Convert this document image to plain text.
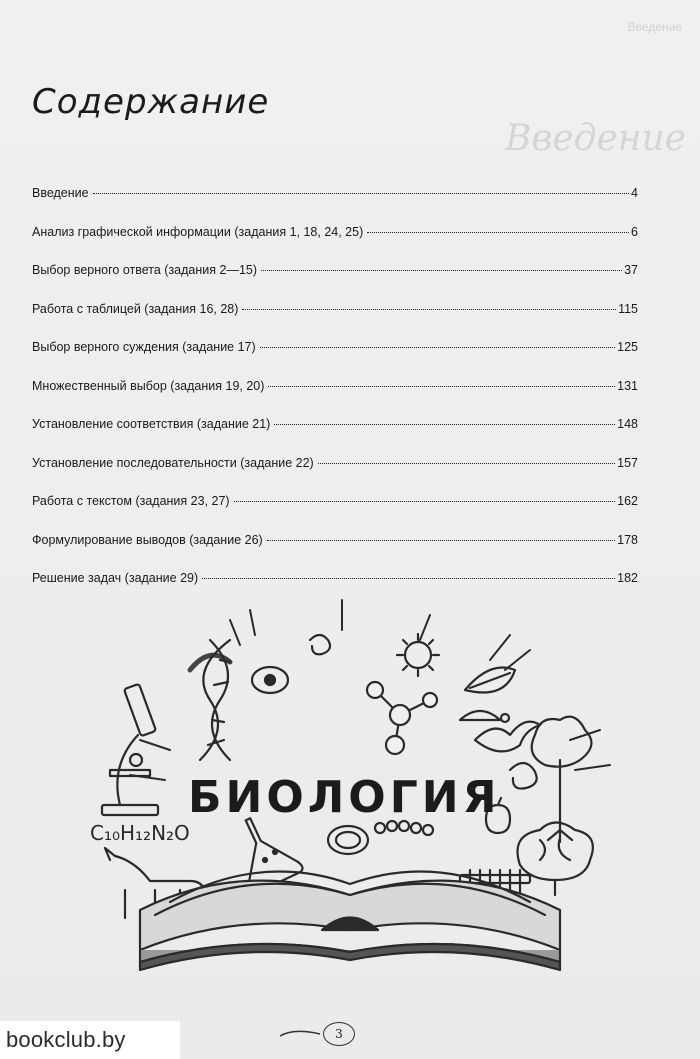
Введение
Введение
Содержание
Введение	4
Анализ графической информации (задания 1, 18, 24, 25)	6
Выбор верного ответа (задания 2—15)	37
Работа с таблицей (задания 16, 28)	115
Выбор верного суждения (задание 17)	125
Множественный выбор (задания 19, 20)	131
Установление соответствия (задание 21)	148
Установление последовательности (задание 22)	157
Работа с текстом (задания 23, 27)	162
Формулирование выводов (задание 26)	178
Решение задач (задание 29)	182
C₁₀H₁₂N₂O
БИОЛОГИЯ
3
bookclub.by
